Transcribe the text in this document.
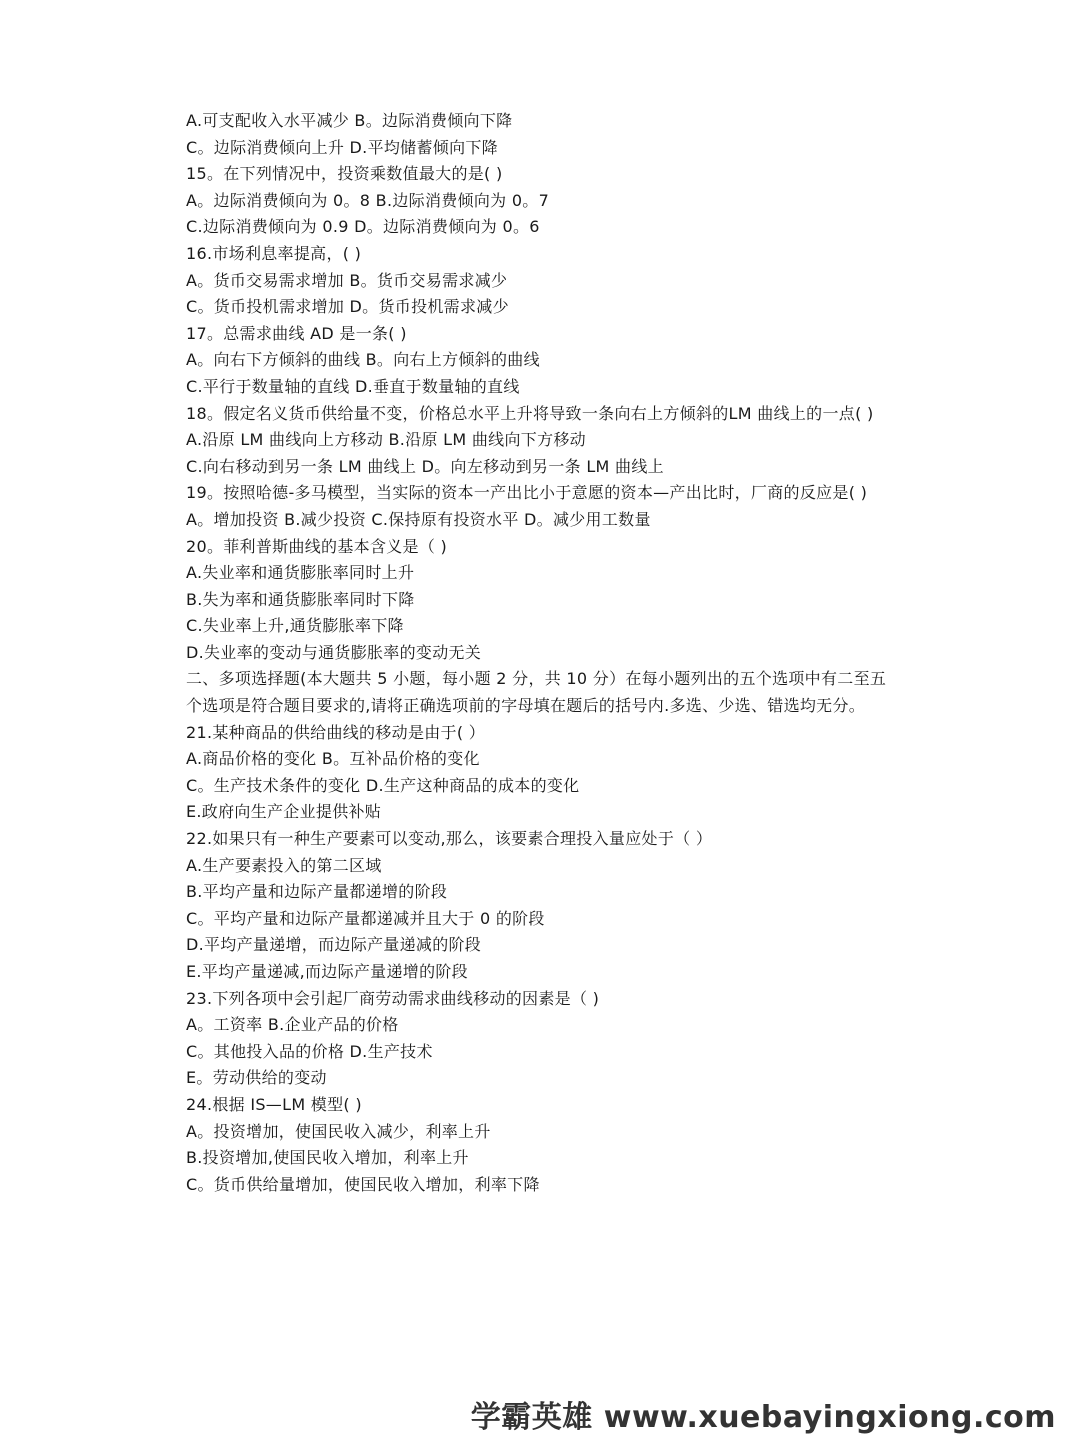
A.可支配收入水平减少 B。边际消费倾向下降
C。边际消费倾向上升 D.平均储蓄倾向下降
15。在下列情况中，投资乘数值最大的是( )
A。边际消费倾向为 0。8 B.边际消费倾向为 0。7
C.边际消费倾向为 0.9 D。边际消费倾向为 0。6
16.市场利息率提高，( )
A。货币交易需求增加 B。货币交易需求减少
C。货币投机需求增加 D。货币投机需求减少
17。总需求曲线 AD 是一条( )
A。向右下方倾斜的曲线 B。向右上方倾斜的曲线
C.平行于数量轴的直线 D.垂直于数量轴的直线
18。假定名义货币供给量不变，价格总水平上升将导致一条向右上方倾斜的LM 曲线上的一点( )
A.沿原 LM 曲线向上方移动 B.沿原 LM 曲线向下方移动
C.向右移动到另一条 LM 曲线上 D。向左移动到另一条 LM 曲线上
19。按照哈德-多马模型，当实际的资本一产出比小于意愿的资本—产出比时，厂商的反应是( )
A。增加投资 B.减少投资 C.保持原有投资水平 D。减少用工数量
20。菲利普斯曲线的基本含义是（ )
A.失业率和通货膨胀率同时上升
B.失为率和通货膨胀率同时下降
C.失业率上升,通货膨胀率下降
D.失业率的变动与通货膨胀率的变动无关
二、多项选择题(本大题共 5 小题，每小题 2 分，共 10 分）在每小题列出的五个选项中有二至五个选项是符合题目要求的,请将正确选项前的字母填在题后的括号内.多选、少选、错选均无分。
21.某种商品的供给曲线的移动是由于( ）
A.商品价格的变化 B。互补品价格的变化
C。生产技术条件的变化 D.生产这种商品的成本的变化
E.政府向生产企业提供补贴
22.如果只有一种生产要素可以变动,那么，该要素合理投入量应处于（ ）
A.生产要素投入的第二区域
B.平均产量和边际产量都递增的阶段
C。平均产量和边际产量都递减并且大于 0 的阶段
D.平均产量递增，而边际产量递减的阶段
E.平均产量递减,而边际产量递增的阶段
23.下列各项中会引起厂商劳动需求曲线移动的因素是（ )
A。工资率 B.企业产品的价格
C。其他投入品的价格 D.生产技术
E。劳动供给的变动
24.根据 IS—LM 模型( )
A。投资增加，使国民收入减少，利率上升
B.投资增加,使国民收入增加，利率上升
C。货币供给量增加，使国民收入增加，利率下降
学霸英雄 www.xuebayingxiong.com
